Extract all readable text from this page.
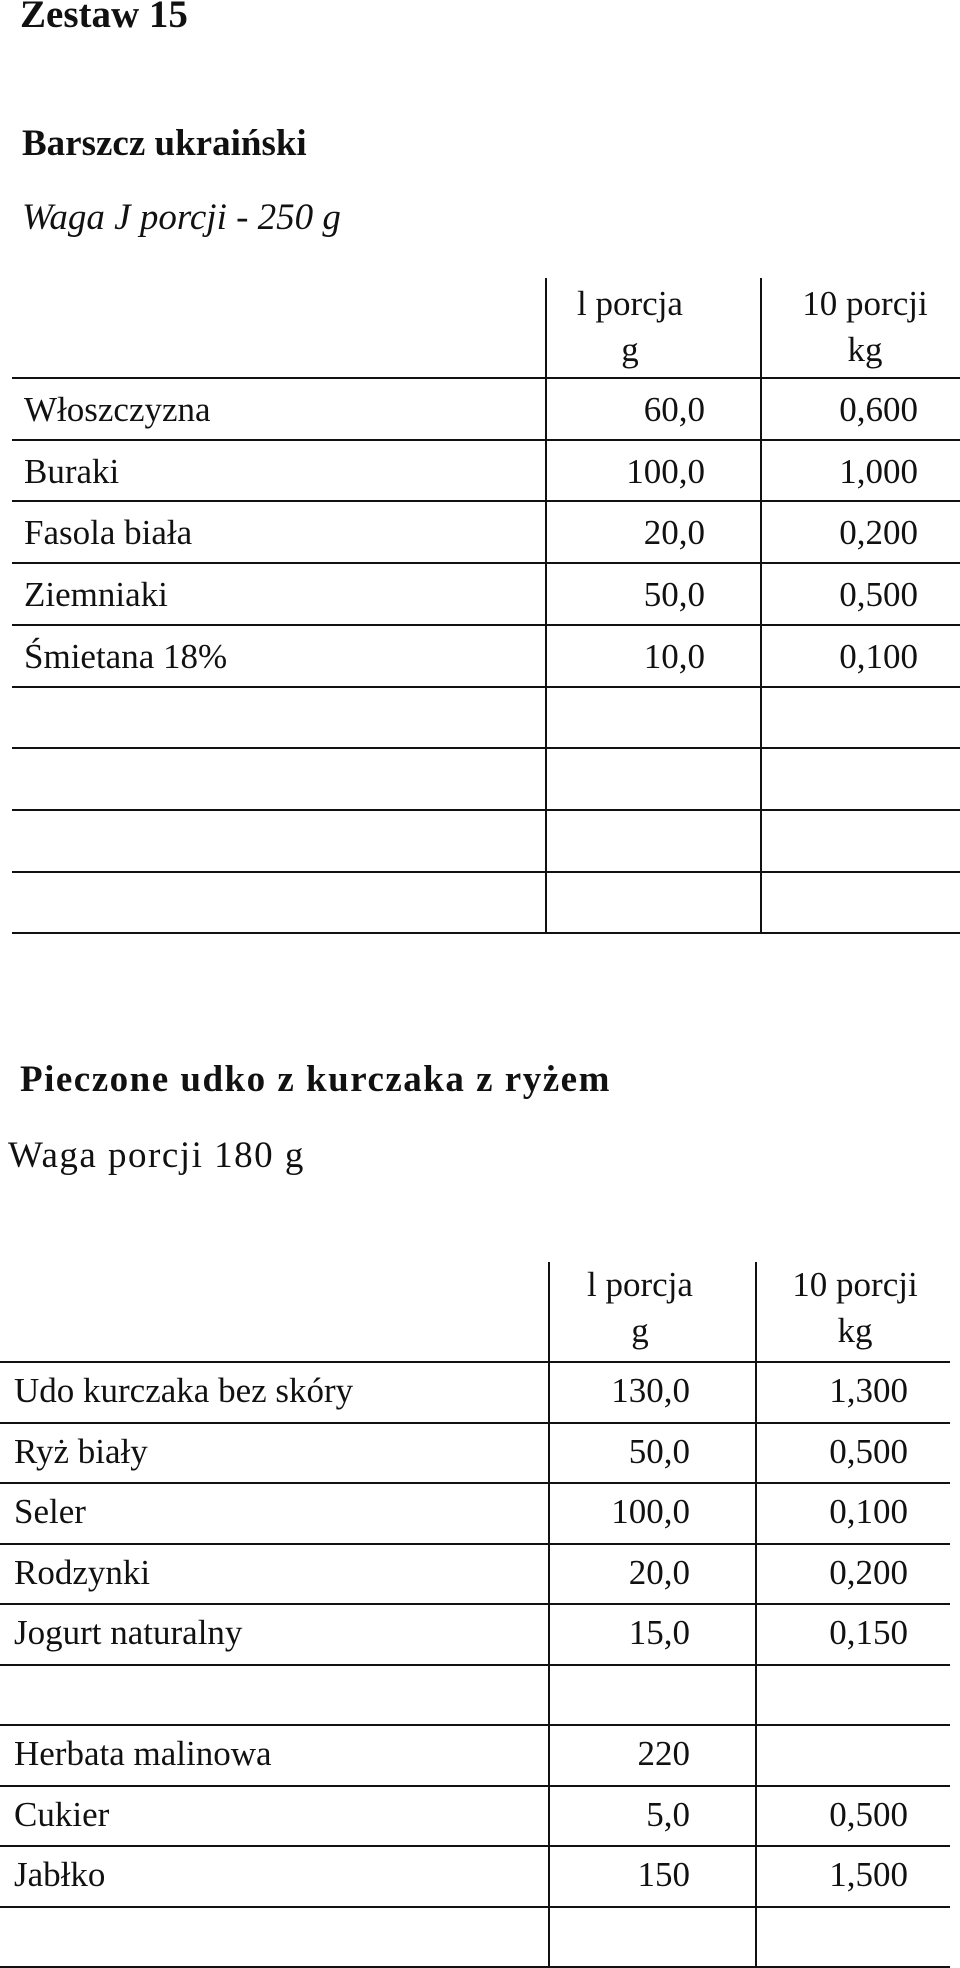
Zestaw 15
Barszcz ukraiński
Waga J porcji - 250 g
l porcja
g
10 porcji
kg
Włoszczyzna	60,0	0,600
Buraki	100,0	1,000
Fasola biała	20,0	0,200
Ziemniaki	50,0	0,500
Śmietana 18%	10,0	0,100
Pieczone udko z kurczaka z ryżem
Waga porcji 180 g
l porcja
g
10 porcji
kg
Udo kurczaka bez skóry	130,0	1,300
Ryż biały	50,0	0,500
Seler	100,0	0,100
Rodzynki	20,0	0,200
Jogurt naturalny	15,0	0,150
Herbata malinowa	220
Cukier	5,0	0,500
Jabłko	150	1,500
